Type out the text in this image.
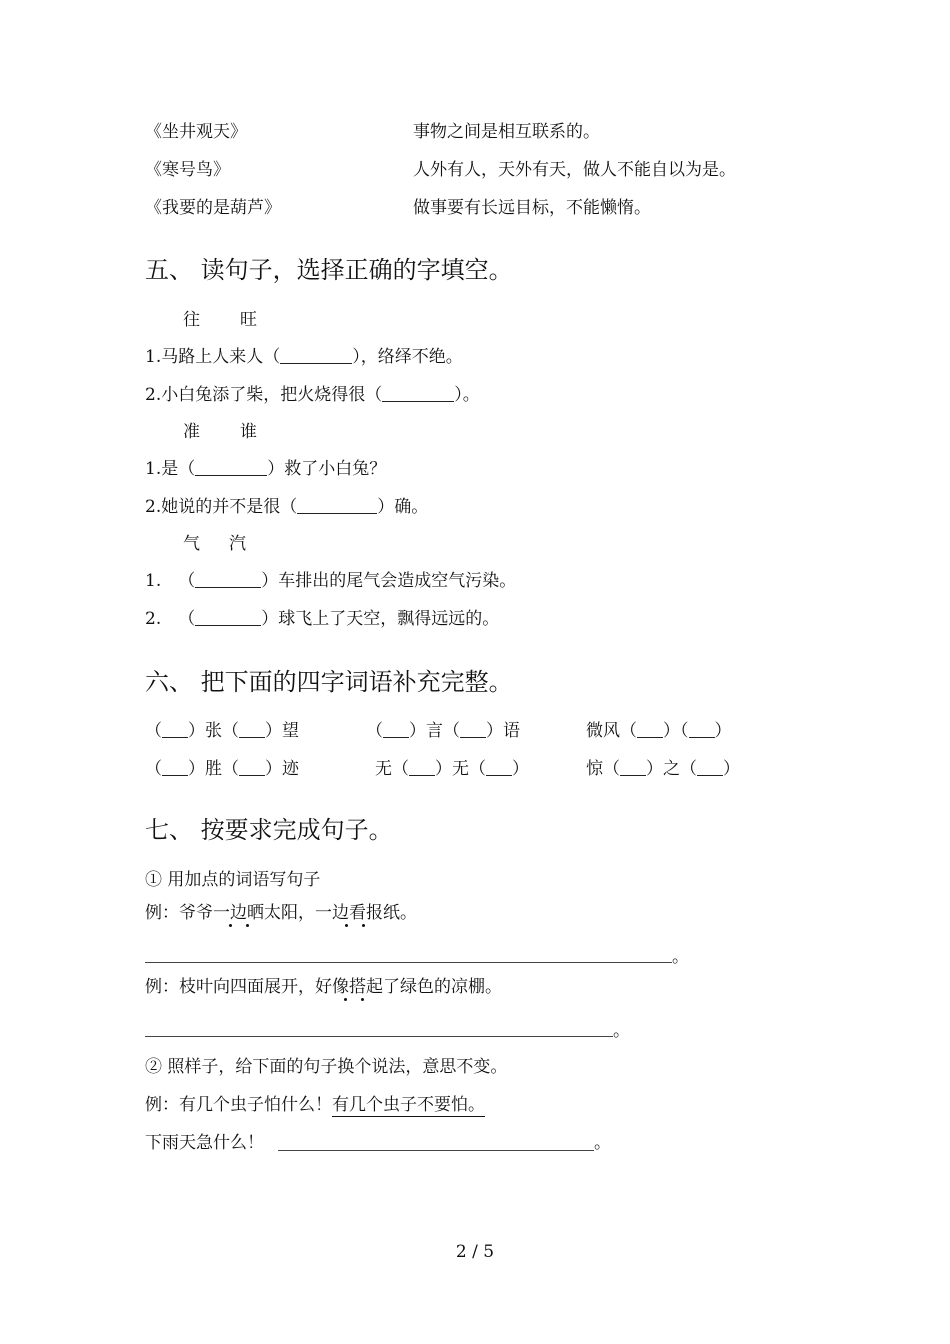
《坐井观天》	事物之间是相互联系的。
《寒号鸟》	人外有人，天外有天，做人不能自以为是。
《我要的是葫芦》	做事要有长远目标，不能懒惰。
五、 读句子，选择正确的字填空。
往 旺
1.马路上人来人（	），络绎不绝。
2.小白兔添了柴，把火烧得很（	）。
准 谁
1.是（	）救了小白兔？
2.她说的并不是很（	）确。
气 汽
1.  （	）车排出的尾气会造成空气污染。
2.  （	）球飞上了天空，飘得远远的。
六、 把下面的四字词语补充完整。
（ ）张（ ）望	（ ）言（ ）语	微风（ ）（ ）
（ ）胜（ ）迹	无（ ）无（ ）	惊（ ）之（ ）
七、 按要求完成句子。
① 用加点的词语写句子
例：爷爷一边晒太阳，一边看报纸。
。
例：枝叶向四面展开，好像搭起了绿色的凉棚。
。
② 照样子，给下面的句子换个说法，意思不变。
例：有几个虫子怕什么！有几个虫子不要怕。
下雨天急什么！	。
2 / 5
